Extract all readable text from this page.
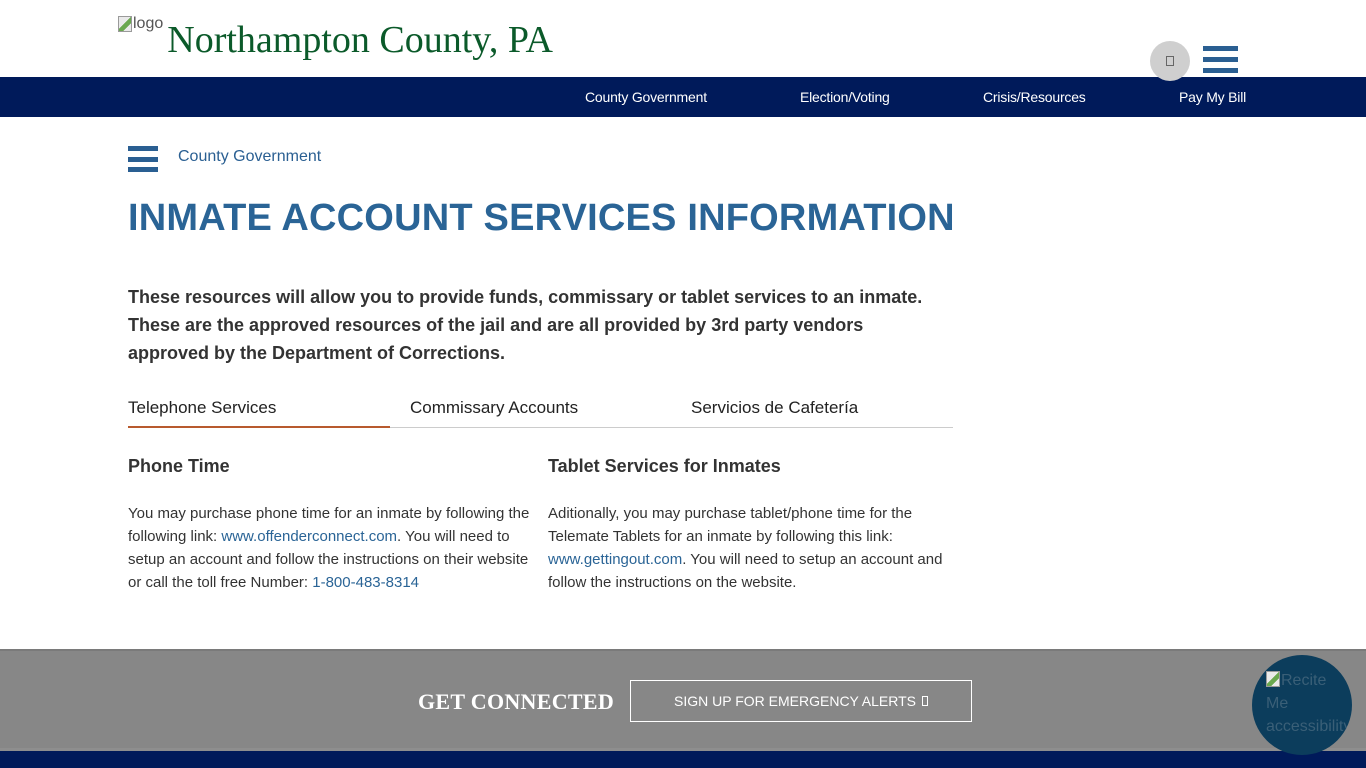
logo Northampton County, PA
County Government	Election/Voting	Crisis/Resources	Pay My Bill
County Government
INMATE ACCOUNT SERVICES INFORMATION

These resources will allow you to provide funds, commissary or tablet services to an inmate. These are the approved resources of the jail and are all provided by 3rd party vendors approved by the Department of Corrections.

Telephone Services	Commissary Accounts	Servicios de Cafetería
Phone Time

You may purchase phone time for an inmate by following the following link: www.offenderconnect.com. You will need to setup an account and follow the instructions on their website or call the toll free Number: 1-800-483-8314

Tablet Services for Inmates

Aditionally, you may purchase tablet/phone time for the Telemate Tablets for an inmate by following this link: www.gettingout.com. You will need to setup an account and follow the instructions on the website.

GET CONNECTED	SIGN UP FOR EMERGENCY ALERTS
Recite Me accessibility
